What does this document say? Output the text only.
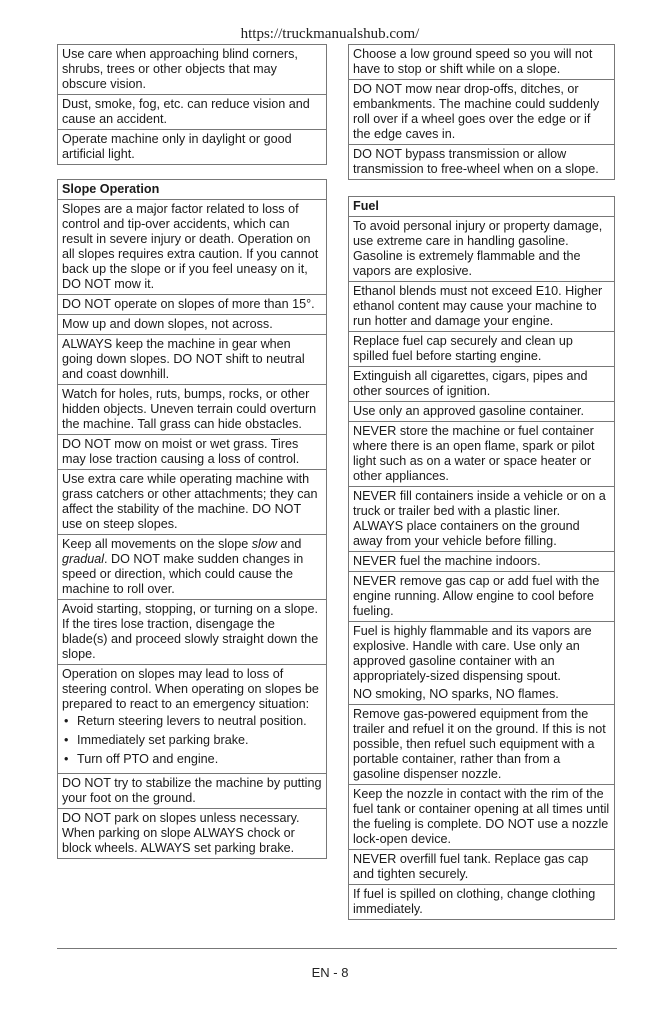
https://truckmanualshub.com/
Use care when approaching blind corners, shrubs, trees or other objects that may obscure vision.
Dust, smoke, fog, etc. can reduce vision and cause an accident.
Operate machine only in daylight or good artificial light.
Slope Operation
Slopes are a major factor related to loss of control and tip-over accidents, which can result in severe injury or death. Operation on all slopes requires extra caution. If you cannot back up the slope or if you feel uneasy on it, DO NOT mow it.
DO NOT operate on slopes of more than 15°.
Mow up and down slopes, not across.
ALWAYS keep the machine in gear when going down slopes. DO NOT shift to neutral and coast downhill.
Watch for holes, ruts, bumps, rocks, or other hidden objects. Uneven terrain could overturn the machine. Tall grass can hide obstacles.
DO NOT mow on moist or wet grass. Tires may lose traction causing a loss of control.
Use extra care while operating machine with grass catchers or other attachments; they can affect the stability of the machine. DO NOT use on steep slopes.
Keep all movements on the slope slow and gradual. DO NOT make sudden changes in speed or direction, which could cause the machine to roll over.
Avoid starting, stopping, or turning on a slope. If the tires lose traction, disengage the blade(s) and proceed slowly straight down the slope.

Operation on slopes may lead to loss of steering control. When operating on slopes be prepared to react to an emergency situation:
• Return steering levers to neutral position.
• Immediately set parking brake.
• Turn off PTO and engine.

DO NOT try to stabilize the machine by putting your foot on the ground.
DO NOT park on slopes unless necessary. When parking on slope ALWAYS chock or block wheels. ALWAYS set parking brake.
Choose a low ground speed so you will not have to stop or shift while on a slope.
DO NOT mow near drop-offs, ditches, or embankments. The machine could suddenly roll over if a wheel goes over the edge or if the edge caves in.
DO NOT bypass transmission or allow transmission to free-wheel when on a slope.
Fuel
To avoid personal injury or property damage, use extreme care in handling gasoline. Gasoline is extremely flammable and the vapors are explosive.
Ethanol blends must not exceed E10. Higher ethanol content may cause your machine to run hotter and damage your engine.
Replace fuel cap securely and clean up spilled fuel before starting engine.
Extinguish all cigarettes, cigars, pipes and other sources of ignition.
Use only an approved gasoline container.
NEVER store the machine or fuel container where there is an open flame, spark or pilot light such as on a water or space heater or other appliances.
NEVER fill containers inside a vehicle or on a truck or trailer bed with a plastic liner. ALWAYS place containers on the ground away from your vehicle before filling.
NEVER fuel the machine indoors.
NEVER remove gas cap or add fuel with the engine running. Allow engine to cool before fueling.

Fuel is highly flammable and its vapors are explosive. Handle with care. Use only an approved gasoline container with an appropriately-sized dispensing spout.
NO smoking, NO sparks, NO flames.

Remove gas-powered equipment from the trailer and refuel it on the ground. If this is not possible, then refuel such equipment with a portable container, rather than from a gasoline dispenser nozzle.
Keep the nozzle in contact with the rim of the fuel tank or container opening at all times until the fueling is complete. DO NOT use a nozzle lock-open device.
NEVER overfill fuel tank. Replace gas cap and tighten securely.
If fuel is spilled on clothing, change clothing immediately.
EN - 8
